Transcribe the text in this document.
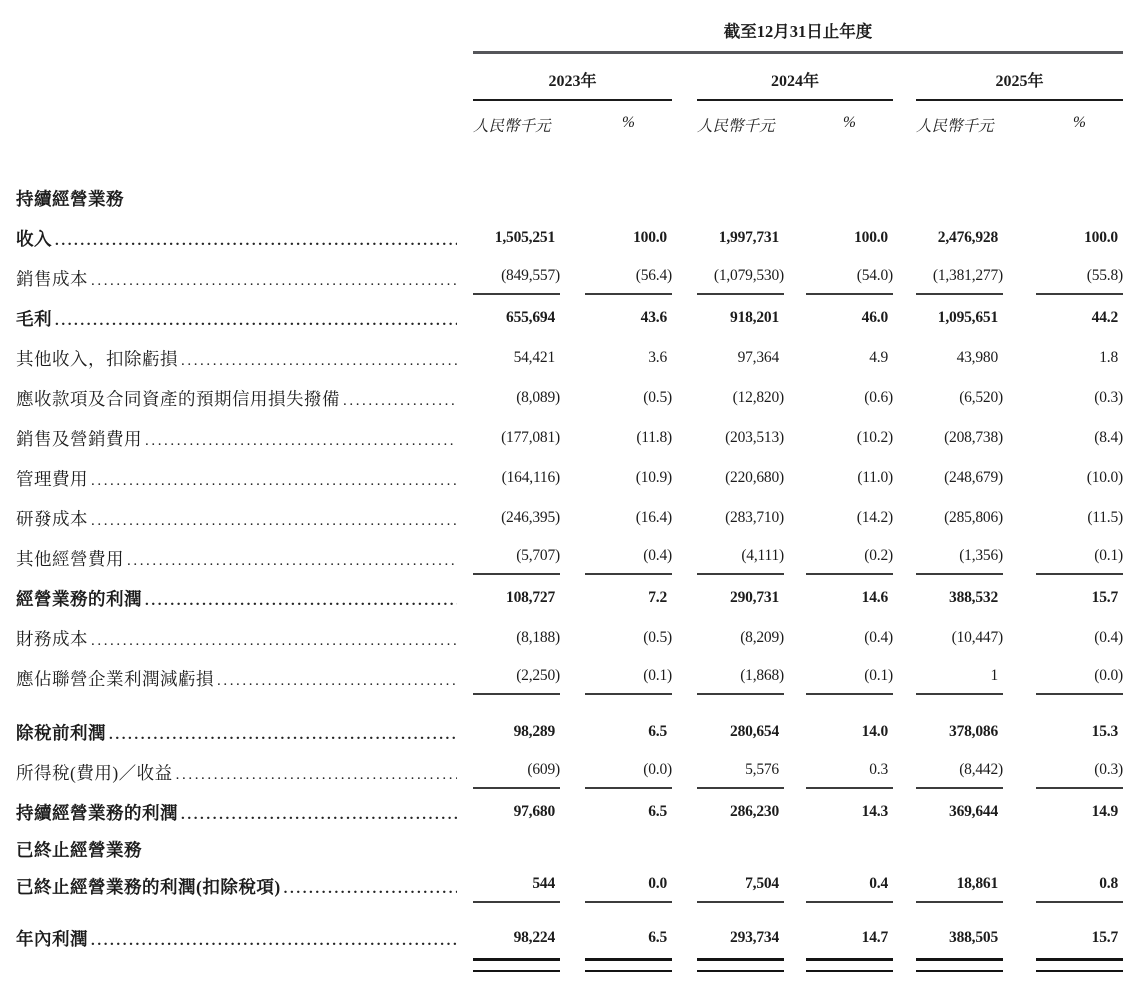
截至12月31日止年度
2023年	2024年	2025年
人民幣千元	%	人民幣千元	%	人民幣千元	%
持續經營業務
收入 .....	1,505,251	100.0	1,997,731	100.0	2,476,928	100.0
銷售成本 .....	(849,557)	(56.4)	(1,079,530)	(54.0)	(1,381,277)	(55.8)
毛利 .....	655,694	43.6	918,201	46.0	1,095,651	44.2
其他收入，扣除虧損 .....	54,421	3.6	97,364	4.9	43,980	1.8
應收款項及合同資產的預期信用損失撥備 .....	(8,089)	(0.5)	(12,820)	(0.6)	(6,520)	(0.3)
銷售及營銷費用 .....	(177,081)	(11.8)	(203,513)	(10.2)	(208,738)	(8.4)
管理費用 .....	(164,116)	(10.9)	(220,680)	(11.0)	(248,679)	(10.0)
研發成本 .....	(246,395)	(16.4)	(283,710)	(14.2)	(285,806)	(11.5)
其他經營費用 .....	(5,707)	(0.4)	(4,111)	(0.2)	(1,356)	(0.1)
經營業務的利潤 .....	108,727	7.2	290,731	14.6	388,532	15.7
財務成本 .....	(8,188)	(0.5)	(8,209)	(0.4)	(10,447)	(0.4)
應佔聯營企業利潤減虧損 .....	(2,250)	(0.1)	(1,868)	(0.1)	1	(0.0)
除稅前利潤 .....	98,289	6.5	280,654	14.0	378,086	15.3
所得稅(費用)／收益 .....	(609)	(0.0)	5,576	0.3	(8,442)	(0.3)
持續經營業務的利潤 .....	97,680	6.5	286,230	14.3	369,644	14.9
已終止經營業務
已終止經營業務的利潤(扣除稅項) .....	544	0.0	7,504	0.4	18,861	0.8
年內利潤 .....	98,224	6.5	293,734	14.7	388,505	15.7
